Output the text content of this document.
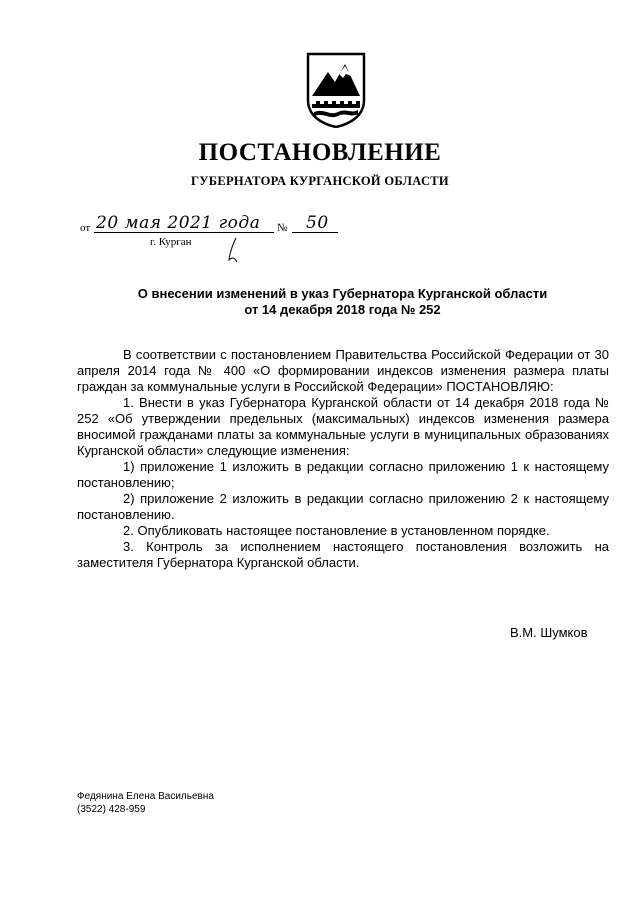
ПОСТАНОВЛЕНИЕ
ГУБЕРНАТОРА КУРГАНСКОЙ ОБЛАСТИ
от 20 мая 2021 года № 50
г. Курган
О внесении изменений в указ Губернатора Курганской области
от 14 декабря 2018 года № 252

В соответствии с постановлением Правительства Российской Федерации от 30 апреля 2014 года № 400 «О формировании индексов изменения размера платы граждан за коммунальные услуги в Российской Федерации» ПОСТАНОВЛЯЮ:

1. Внести в указ Губернатора Курганской области от 14 декабря 2018 года № 252 «Об утверждении предельных (максимальных) индексов изменения размера вносимой гражданами платы за коммунальные услуги в муниципальных образованиях Курганской области» следующие изменения:

1) приложение 1 изложить в редакции согласно приложению 1 к настоящему постановлению;

2) приложение 2 изложить в редакции согласно приложению 2 к настоящему постановлению.

2. Опубликовать настоящее постановление в установленном порядке.

3. Контроль за исполнением настоящего постановления возложить на заместителя Губернатора Курганской области.

В.М. Шумков
Федянина Елена Васильевна
(3522) 428-959
